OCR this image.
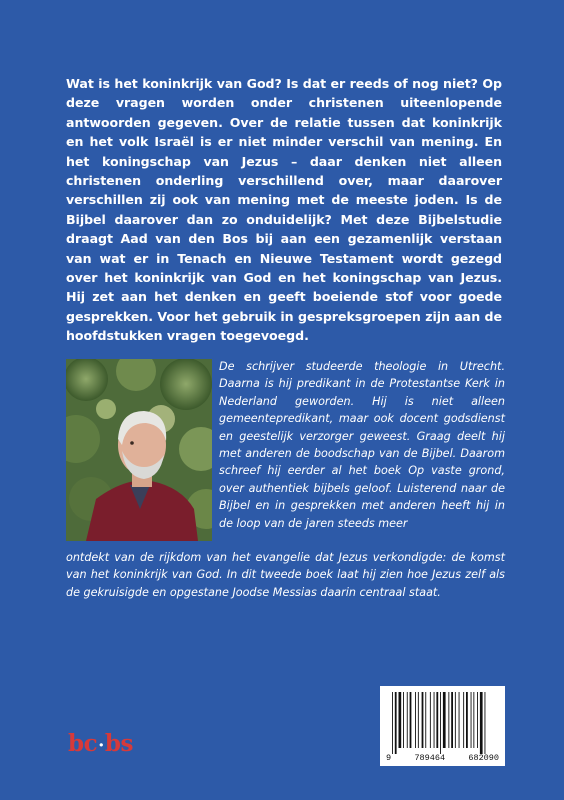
Wat is het koninkrijk van God? Is dat er reeds of nog niet? Op deze vragen worden onder christenen uiteenlopende antwoorden gegeven. Over de relatie tussen dat koninkrijk en het volk Israël is er niet minder verschil van mening. En het koningschap van Jezus – daar denken niet alleen christenen onderling verschillend over, maar daarover verschillen zij ook van mening met de meeste joden. Is de Bijbel daarover dan zo onduidelijk? Met deze Bijbelstudie draagt Aad van den Bos bij aan een gezamenlijk verstaan van wat er in Tenach en Nieuwe Testament wordt gezegd over het koninkrijk van God en het koningschap van Jezus. Hij zet aan het denken en geeft boeiende stof voor goede gesprekken. Voor het gebruik in gespreksgroepen zijn aan de hoofdstukken vragen toegevoegd.

De schrijver studeerde theologie in Utrecht. Daarna is hij predikant in de Protestantse Kerk in Nederland geworden. Hij is niet alleen gemeentepredikant, maar ook docent godsdienst en geestelijk verzorger geweest. Graag deelt hij met anderen de boodschap van de Bijbel. Daarom schreef hij eerder al het boek Op vaste grond, over authentiek bijbels geloof. Luisterend naar de Bijbel en in gesprekken met anderen heeft hij in de loop van de jaren steeds meer

ontdekt van de rijkdom van het evangelie dat Jezus verkondigde: de komst van het koninkrijk van God. In dit tweede boek laat hij zien hoe Jezus zelf als de gekruisigde en opgestane Joodse Messias daarin centraal staat.

bc·bs
9	789464	682090
